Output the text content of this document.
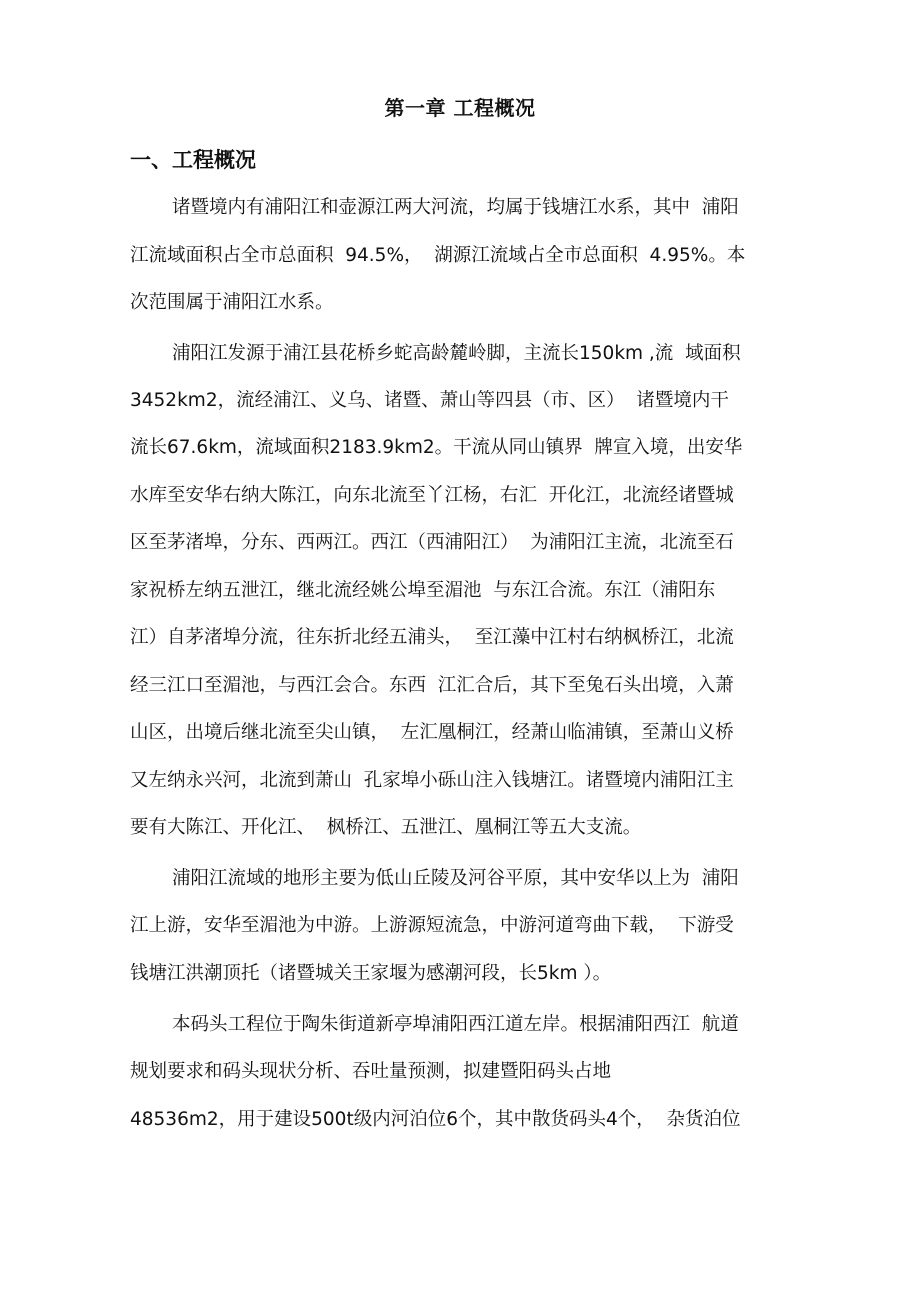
第一章 工程概况
一、工程概况
诸暨境内有浦阳江和壶源江两大河流，均属于钱塘江水系，其中  浦阳
江流域面积占全市总面积  94.5%，  湖源江流域占全市总面积  4.95%。本
次范围属于浦阳江水系。
浦阳江发源于浦江县花桥乡蛇高龄麓岭脚，主流长150km ,流  域面积
3452km2，流经浦江、义乌、诸暨、萧山等四县（市、区）  诸暨境内干
流长67.6km，流域面积2183.9km2。干流从同山镇界  牌宣入境，出安华
水库至安华右纳大陈江，向东北流至丫江杨，右汇  开化江，北流经诸暨城
区至茅渚埠，分东、西两江。西江（西浦阳江）  为浦阳江主流，北流至石
家祝桥左纳五泄江，继北流经姚公埠至湄池  与东江合流。东江（浦阳东
江）自茅渚埠分流，往东折北经五浦头，  至江藻中江村右纳枫桥江，北流
经三江口至湄池，与西江会合。东西  江汇合后，其下至兔石头出境，入萧
山区，出境后继北流至尖山镇，  左汇凰桐江，经萧山临浦镇，至萧山义桥
又左纳永兴河，北流到萧山  孔家埠小砾山注入钱塘江。诸暨境内浦阳江主
要有大陈江、开化江、  枫桥江、五泄江、凰桐江等五大支流。
浦阳江流域的地形主要为低山丘陵及河谷平原，其中安华以上为  浦阳
江上游，安华至湄池为中游。上游源短流急，中游河道弯曲下载，  下游受
钱塘江洪潮顶托（诸暨城关王家堰为感潮河段，长5km ）。
本码头工程位于陶朱街道新亭埠浦阳西江道左岸。根据浦阳西江  航道
规划要求和码头现状分析、吞吐量预测，拟建暨阳码头占地
48536m2，用于建设500t级内河泊位6个，其中散货码头4个，  杂货泊位
